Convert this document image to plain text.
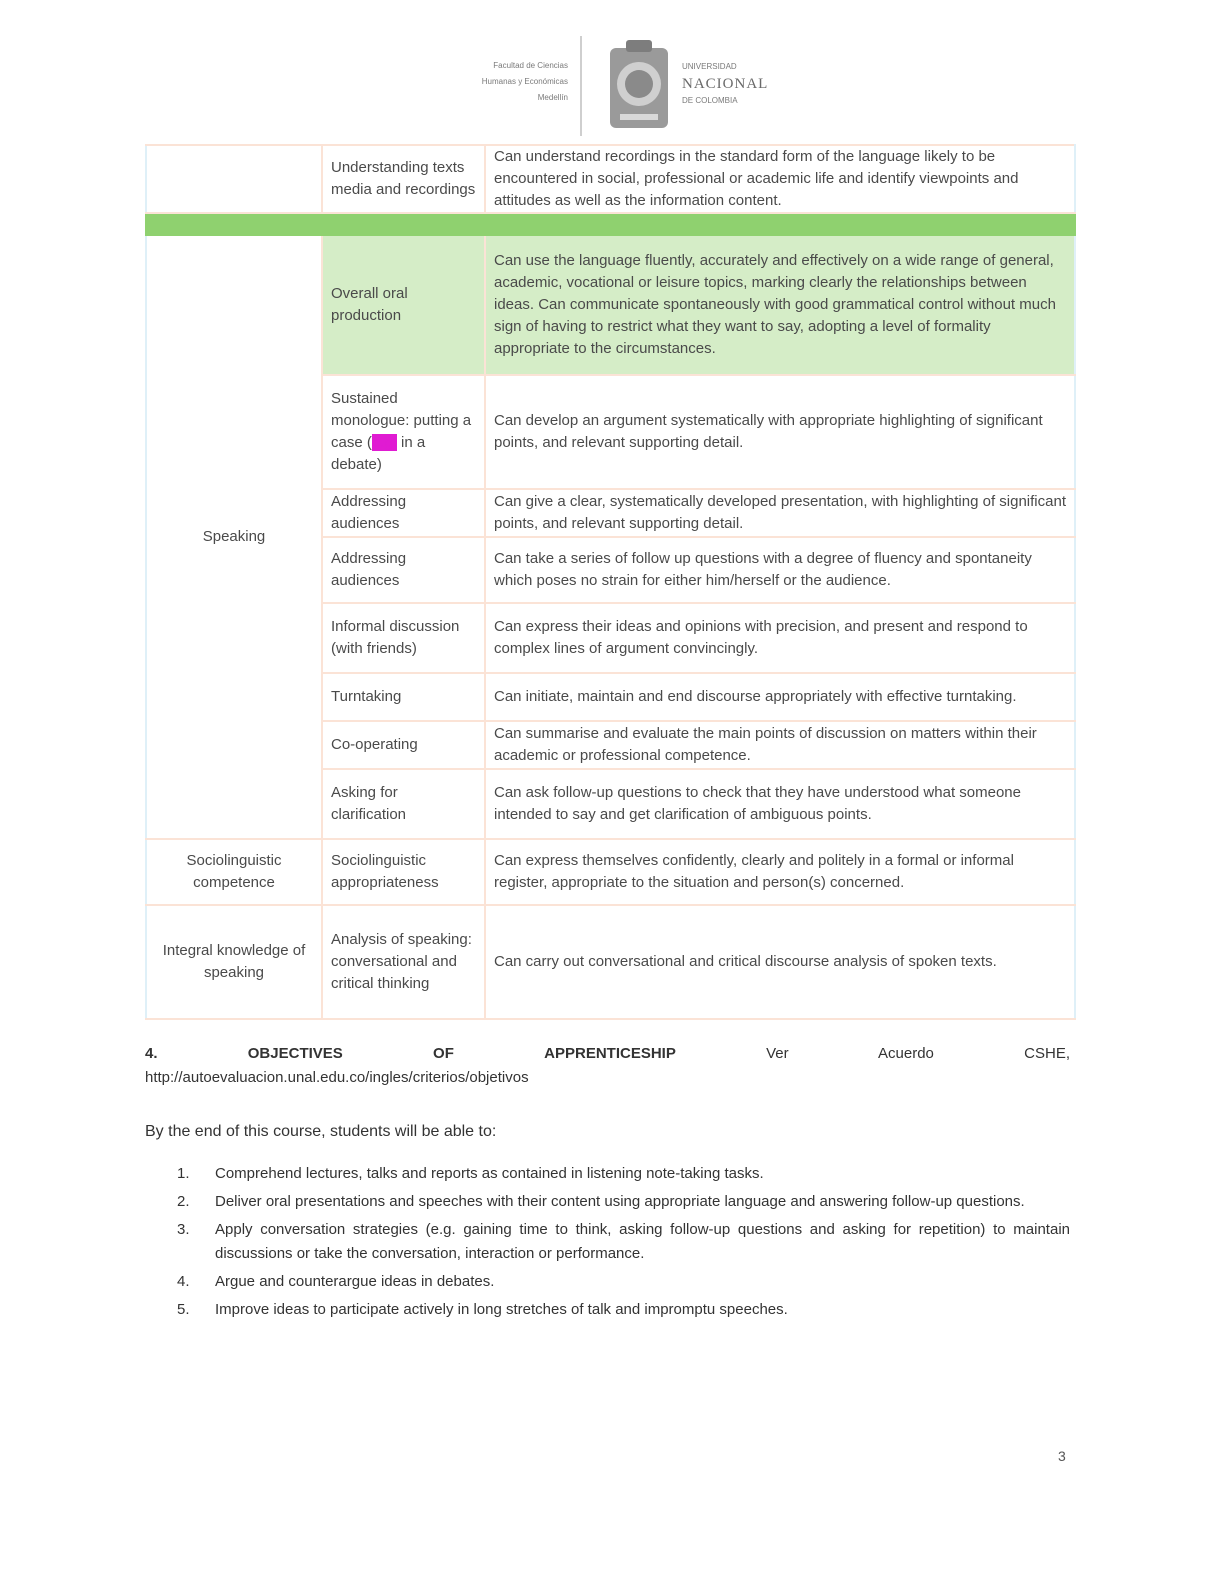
Facultad de Ciencias
Humanas y Económicas
Medellín
UNIVERSIDAD
NACIONAL
DE COLOMBIA
	Understanding texts media and recordings	Can understand recordings in the standard form of the language likely to be encountered in social, professional or academic life and identify viewpoints and attitudes as well as the information content.

Speaking	Overall oral production	Can use the language fluently, accurately and effectively on a wide range of general, academic, vocational or leisure topics, marking clearly the relationships between ideas. Can communicate spontaneously with good grammatical control without much sign of having to restrict what they want to say, adopting a level of formality appropriate to the circumstances.
	Sustained monologue: putting a case (e.g. in a debate)	Can develop an argument systematically with appropriate highlighting of significant points, and relevant supporting detail.
	Addressing audiences	Can give a clear, systematically developed presentation, with highlighting of significant points, and relevant supporting detail.
	Addressing audiences	Can take a series of follow up questions with a degree of fluency and spontaneity which poses no strain for either him/herself or the audience.
	Informal discussion (with friends)	Can express their ideas and opinions with precision, and present and respond to complex lines of argument convincingly.
	Turntaking	Can initiate, maintain and end discourse appropriately with effective turntaking.
	Co-operating	Can summarise and evaluate the main points of discussion on matters within their academic or professional competence.
	Asking for clarification	Can ask follow-up questions to check that they have understood what someone intended to say and get clarification of ambiguous points.
Sociolinguistic competence	Sociolinguistic appropriateness	Can express themselves confidently, clearly and politely in a formal or informal register, appropriate to the situation and person(s) concerned.
Integral knowledge of speaking	Analysis of speaking: conversational and critical thinking	Can carry out conversational and critical discourse analysis of spoken texts.
4.	OBJECTIVES	OF	APPRENTICESHIP	Ver	Acuerdo	CSHE,
http://autoevaluacion.unal.edu.co/ingles/criterios/objetivos
By the end of this course, students will be able to:
1. Comprehend lectures, talks and reports as contained in listening note-taking tasks.
2. Deliver oral presentations and speeches with their content using appropriate language and answering follow-up questions.
3. Apply conversation strategies (e.g. gaining time to think, asking follow-up questions and asking for repetition) to maintain discussions or take the conversation, interaction or performance.
4. Argue and counterargue ideas in debates.
5. Improve ideas to participate actively in long stretches of talk and impromptu speeches.
3
